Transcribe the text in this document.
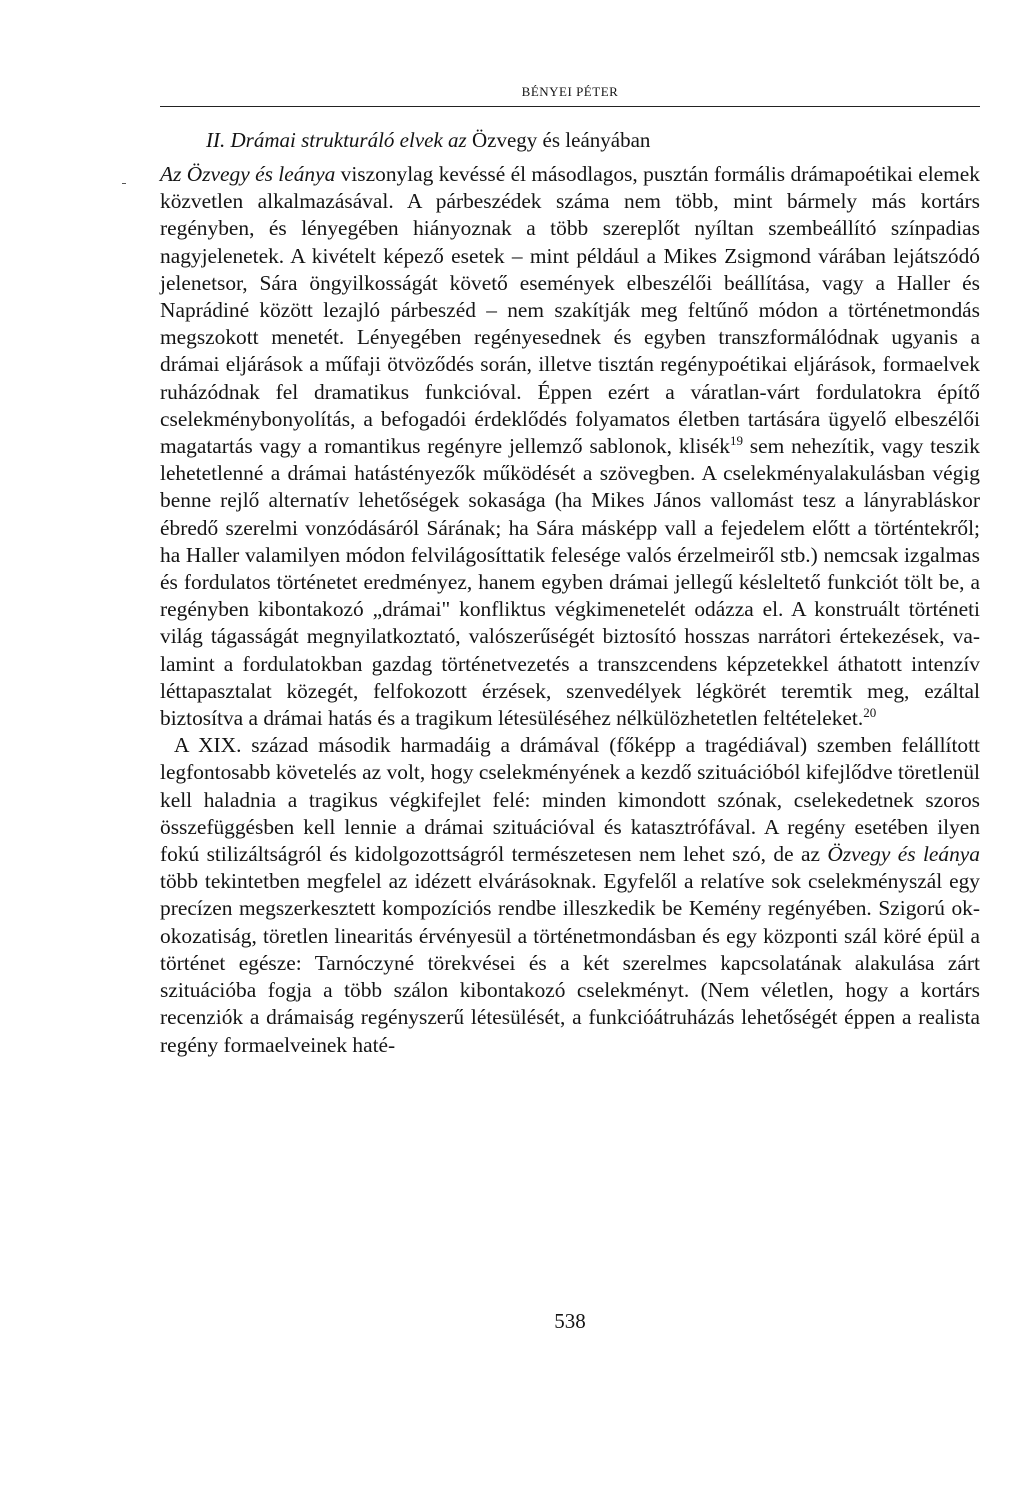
BÉNYEI PÉTER
II. Drámai strukturáló elvek az Özvegy és leányában

Az Özvegy és leánya viszonylag kevéssé él másodlagos, pusztán formális drámapoétikai elemek közvetlen alkalmazásával. A párbeszédek száma nem több, mint bármely más kortárs regényben, és lényegében hiányoznak a több szereplőt nyíltan szembeállító színpadias nagyjelenetek. A kivételt képező esetek – mint például a Mikes Zsigmond várában lejátszódó jelenetsor, Sára öngyilkosságát követő események elbeszélői beállítása, vagy a Haller és Naprádiné között lezajló párbeszéd – nem szakítják meg feltűnő módon a történetmondás megszokott menetét. Lényegében regényesednek és egyben transzformálódnak ugyanis a drámai eljárások a műfaji ötvöződés során, illetve tisztán regénypoétikai eljárások, formaelvek ruházódnak fel dramatikus funkcióval. Éppen ezért a váratlan-várt fordulatokra építő cselekménybonyolítás, a befogadói érdeklődés folyamatos életben tartására ügyelő elbeszélői magatartás vagy a romantikus regényre jellemző sablonok, klisék$^{19}$ sem nehezítik, vagy teszik lehetetlenné a drámai hatástényezők működését a szövegben. A cselekményalakulásban végig benne rejlő alternatív lehetőségek sokasága (ha Mikes János vallomást tesz a lányrabláskor ébredő szerelmi vonzódásáról Sárának; ha Sára másképp vall a fejedelem előtt a történtekről; ha Haller valamilyen módon felvilágosíttatik felesége valós érzelmeiről stb.) nemcsak izgalmas és fordulatos történetet eredményez, hanem egyben drámai jellegű késleltető funkciót tölt be, a regényben kibontakozó „drámai" konfliktus végkimenetelét odázza el. A konstruált történeti világ tágasságát megnyilatkoztató, valószerűségét biztosító hosszas narrátori értekezések, valamint a fordulatokban gazdag történetvezetés a transzcendens képzetekkel áthatott intenzív léttapasztalat közegét, felfokozott érzések, szenvedélyek légkörét teremtik meg, ezáltal biztosítva a drámai hatás és a tragikum létesüléséhez nélkülözhetetlen feltételeket.$^{20}$

A XIX. század második harmadáig a drámával (főképp a tragédiával) szemben felállított legfontosabb követelés az volt, hogy cselekményének a kezdő szituációból kifejlődve töretlenül kell haladnia a tragikus végkifejlet felé: minden kimondott szónak, cselekedetnek szoros összefüggésben kell lennie a drámai szituációval és katasztrófával. A regény esetében ilyen fokú stilizáltságról és kidolgozottságról természetesen nem lehet szó, de az Özvegy és leánya több tekintetben megfelel az idézett elvárásoknak. Egyfelől a relatíve sok cselekményszál egy precízen megszerkesztett kompozíciós rendbe illeszkedik be Kemény regényében. Szigorú ok-okozatiság, töretlen linearitás érvényesül a történetmondásban és egy központi szál köré épül a történet egésze: Tarnóczyné törekvései és a két szerelmes kapcsolatának alakulása zárt szituációba fogja a több szálon kibontakozó cselekményt. (Nem véletlen, hogy a kortárs recenziók a drámaiság regényszerű létesülését, a funkcióátruházás lehetőségét éppen a realista regény formaelveinek haté-

538
